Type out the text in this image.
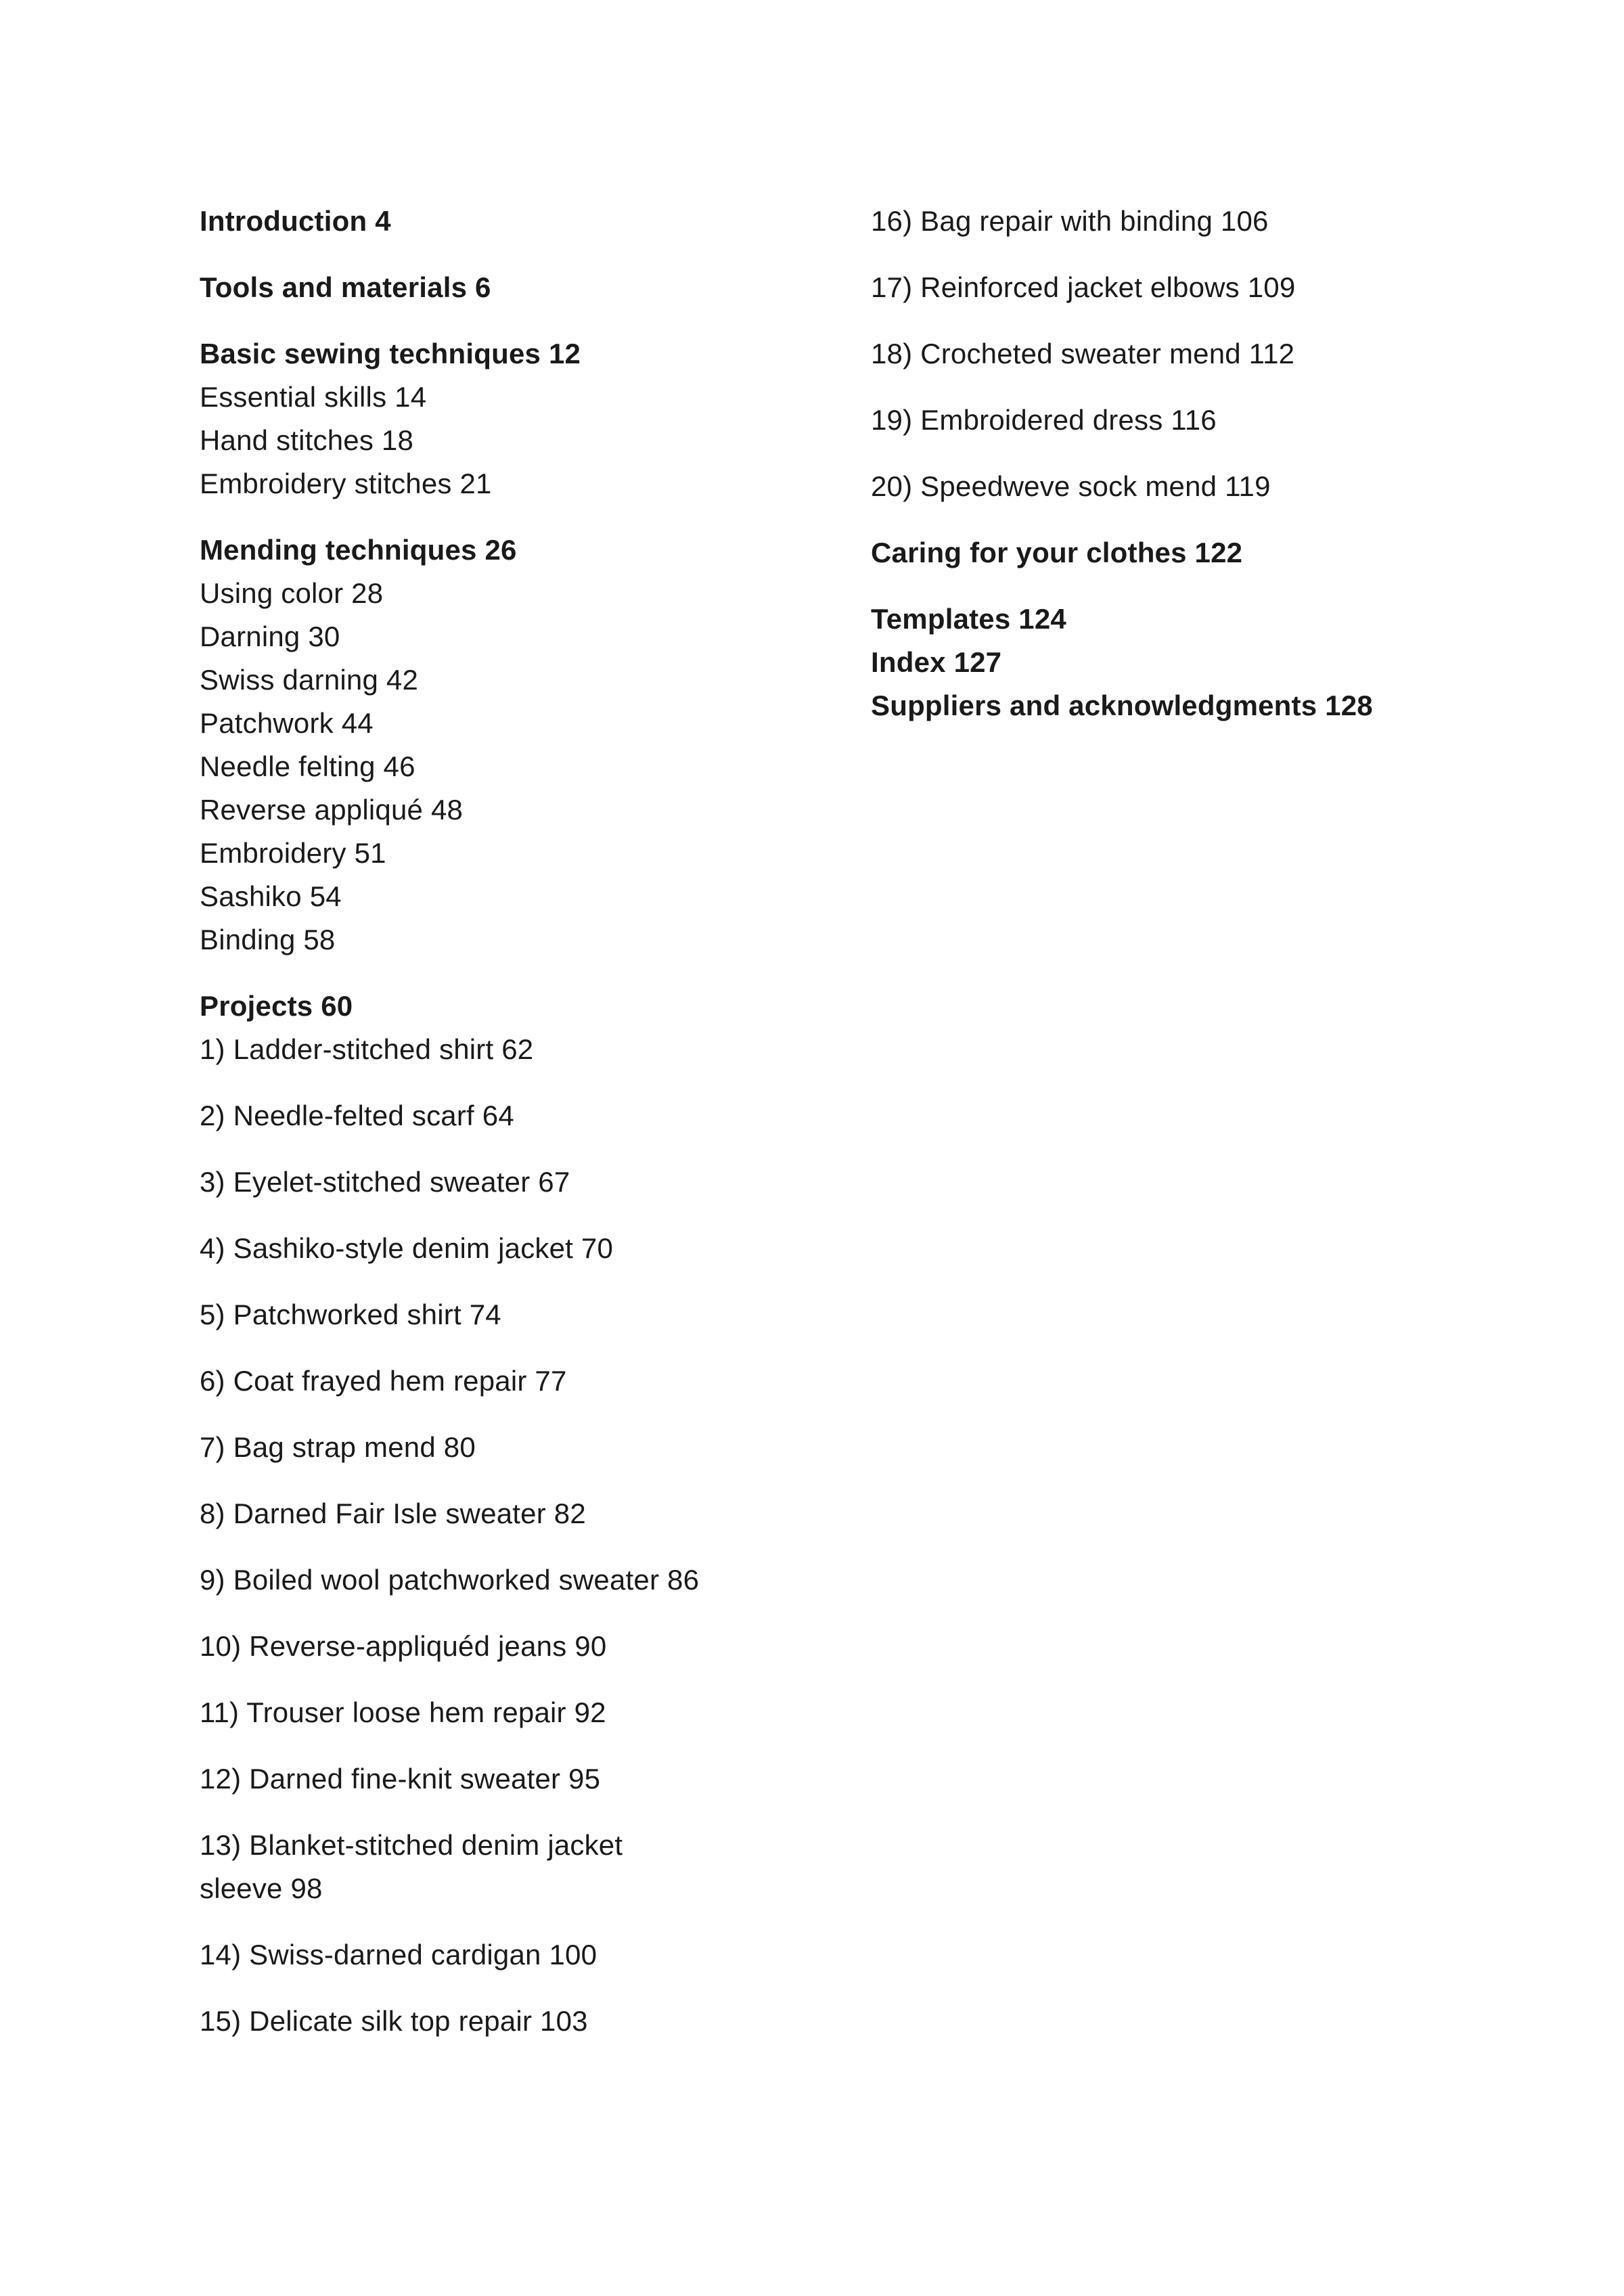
Introduction 4
Tools and materials 6
Basic sewing techniques 12
Essential skills 14
Hand stitches 18
Embroidery stitches 21
Mending techniques 26
Using color 28
Darning 30
Swiss darning 42
Patchwork 44
Needle felting 46
Reverse appliqué 48
Embroidery 51
Sashiko 54
Binding 58
Projects 60
1) Ladder-stitched shirt 62
2) Needle-felted scarf 64
3) Eyelet-stitched sweater 67
4) Sashiko-style denim jacket 70
5) Patchworked shirt 74
6) Coat frayed hem repair 77
7) Bag strap mend 80
8) Darned Fair Isle sweater 82
9) Boiled wool patchworked sweater 86
10) Reverse-appliquéd jeans 90
11) Trouser loose hem repair 92
12) Darned fine-knit sweater 95
13) Blanket-stitched denim jacket sleeve 98
14) Swiss-darned cardigan 100
15) Delicate silk top repair 103
16) Bag repair with binding 106
17) Reinforced jacket elbows 109
18) Crocheted sweater mend 112
19) Embroidered dress 116
20) Speedweve sock mend 119
Caring for your clothes 122
Templates 124
Index 127
Suppliers and acknowledgments 128
